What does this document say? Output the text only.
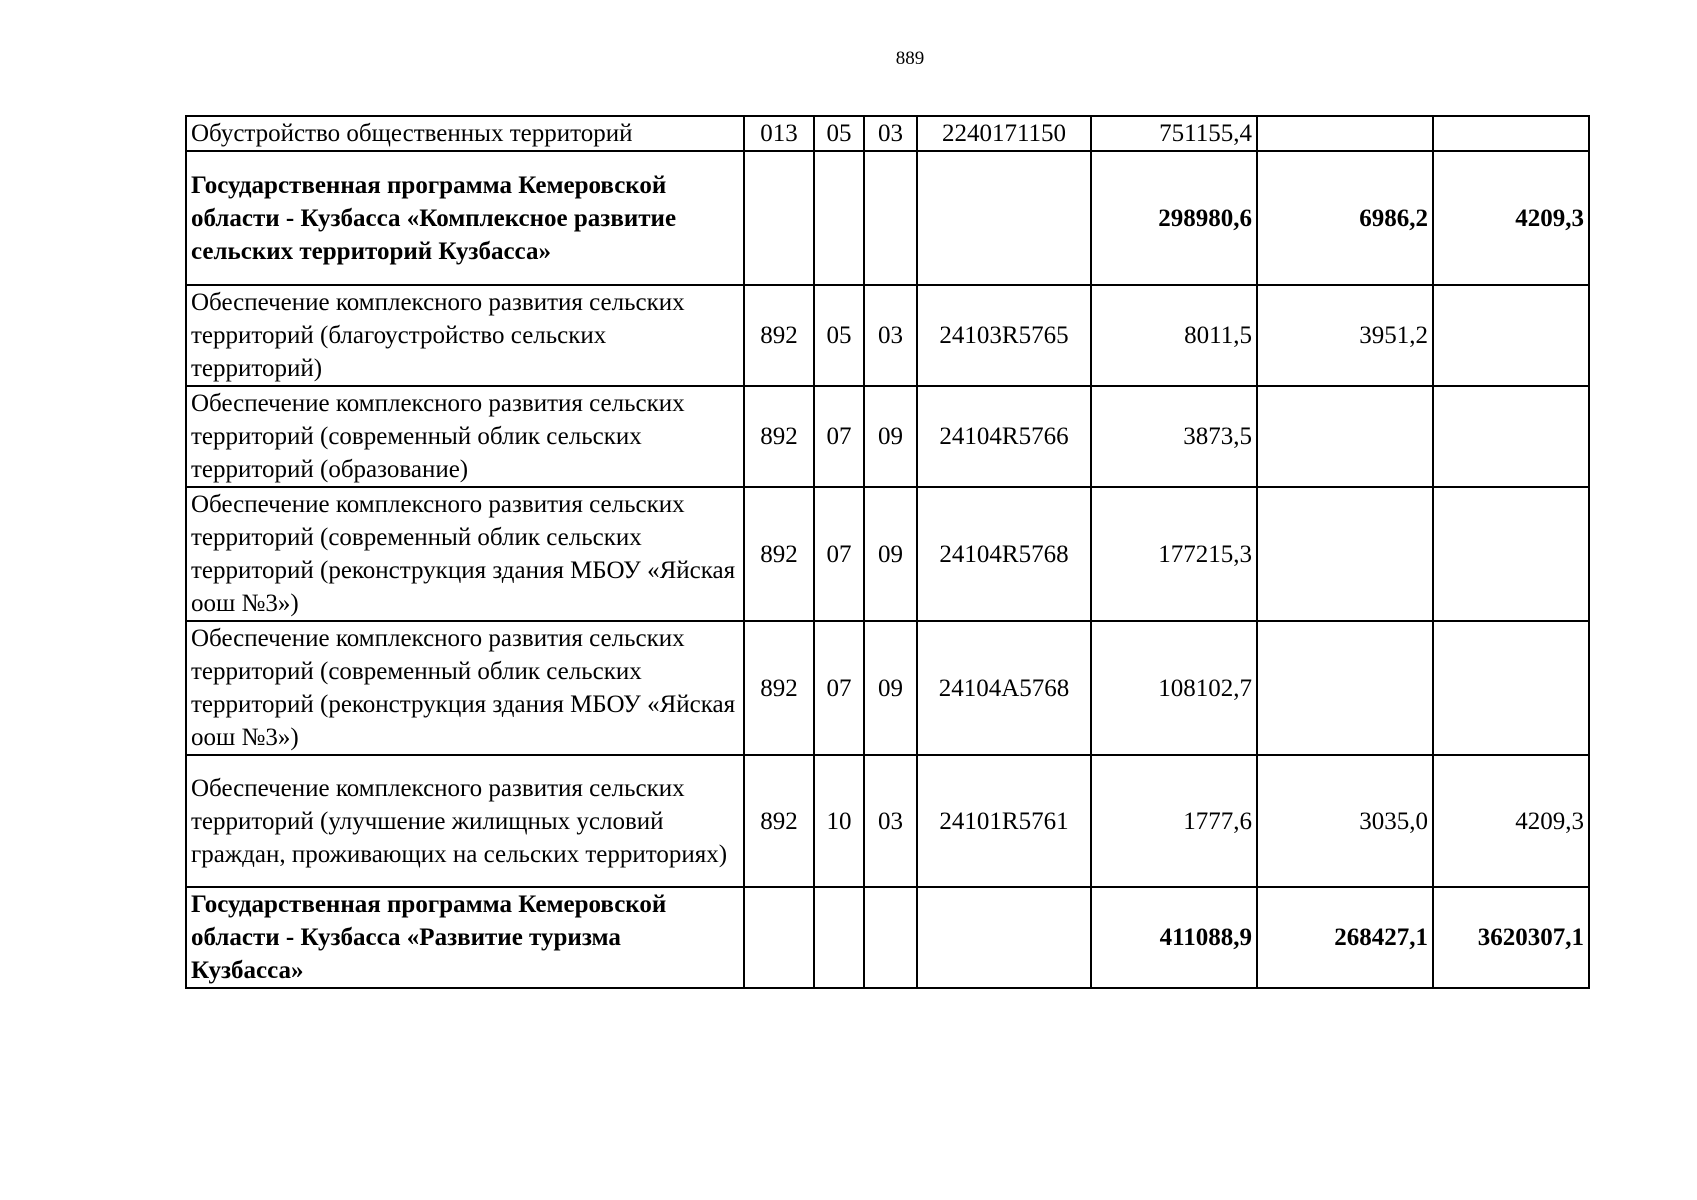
889
Обустройство общественных территорий	013	05	03	2240171150	751155,4		
Государственная программа Кемеровской области - Кузбасса «Комплексное развитие сельских территорий Кузбасса»					298980,6	6986,2	4209,3
Обеспечение комплексного развития сельских территорий (благоустройство сельских территорий)	892	05	03	24103R5765	8011,5	3951,2	
Обеспечение комплексного развития сельских территорий (современный облик сельских территорий (образование)	892	07	09	24104R5766	3873,5		
Обеспечение комплексного развития сельских территорий (современный облик сельских территорий (реконструкция здания МБОУ «Яйская оош №3»)	892	07	09	24104R5768	177215,3		
Обеспечение комплексного развития сельских территорий (современный облик сельских территорий (реконструкция здания МБОУ «Яйская оош №3»)	892	07	09	24104A5768	108102,7		
Обеспечение комплексного развития сельских территорий (улучшение жилищных условий граждан, проживающих на сельских территориях)	892	10	03	24101R5761	1777,6	3035,0	4209,3
Государственная программа Кемеровской области - Кузбасса «Развитие туризма Кузбасса»					411088,9	268427,1	3620307,1
